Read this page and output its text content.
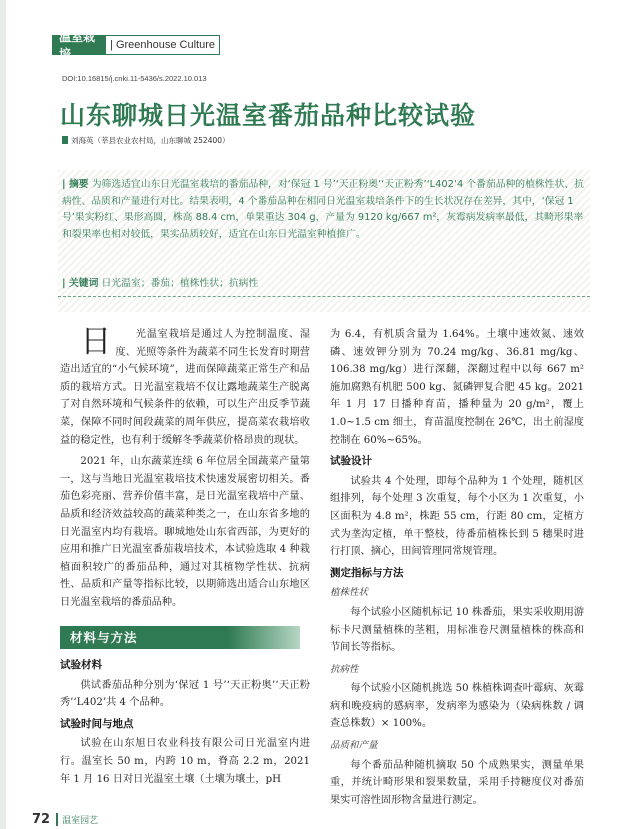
温室栽培
| Greenhouse Culture
DOI:10.16815/j.cnki.11-5436/s.2022.10.013
山东聊城日光温室番茄品种比较试验
刘海英（莘县农业农村局，山东聊城 252400）
| 摘要 为筛选适宜山东日光温室栽培的番茄品种，对‘保冠 1 号’‘天正粉奥’‘天正粉秀’‘L402’4 个番茄品种的植株性状、抗病性、品质和产量进行对比。结果表明，4 个番茄品种在相同日光温室栽培条件下的生长状况存在差异，其中，‘保冠 1 号’果实粉红、果形高圆，株高 88.4 cm，单果重达 304 g，产量为 9120 kg/667 m²，灰霉病发病率最低，其畸形果率和裂果率也相对较低，果实品质较好，适宜在山东日光温室种植推广。
| 关键词 日光温室；番茄；植株性状；抗病性

日 光温室栽培是通过人为控制温度、湿度、光照等条件为蔬菜不同生长发育时期营造出适宜的“小气候环境”，进而保障蔬菜正常生产和品质的栽培方式。日光温室栽培不仅让露地蔬菜生产脱离了对自然环境和气候条件的依赖，可以生产出反季节蔬菜，保障不同时间段蔬菜的周年供应，提高菜农栽培收益的稳定性，也有利于缓解冬季蔬菜价格昂贵的现状。

2021 年，山东蔬菜连续 6 年位居全国蔬菜产量第一，这与当地日光温室栽培技术快速发展密切相关。番茄色彩亮丽、营养价值丰富，是日光温室栽培中产量、品质和经济效益较高的蔬菜种类之一，在山东省多地的日光温室内均有栽培。聊城地处山东省西部，为更好的应用和推广日光温室番茄栽培技术，本试验选取 4 种栽植面积较广的番茄品种，通过对其植物学性状、抗病性、品质和产量等指标比较，以期筛选出适合山东地区日光温室栽培的番茄品种。

材料与方法
试验材料

供试番茄品种分别为‘保冠 1 号’‘天正粉奥’‘天正粉秀’‘L402’共 4 个品种。

试验时间与地点

试验在山东旭日农业科技有限公司日光温室内进行。温室长 50 m，内跨 10 m，脊高 2.2 m，2021 年 1 月 16 日对日光温室土壤（土壤为壤土，pH

为 6.4，有机质含量为 1.64%。土壤中速效氮、速效磷、速效钾分别为 70.24 mg/kg、36.81 mg/kg、106.38 mg/kg）进行深翻，深翻过程中以每 667 m² 施加腐熟有机肥 500 kg、氮磷钾复合肥 45 kg。2021 年 1 月 17 日播种育苗，播种量为 20 g/m²，覆上 1.0~1.5 cm 细土，育苗温度控制在 26℃，出土前湿度控制在 60%~65%。

试验设计

试验共 4 个处理，即每个品种为 1 个处理，随机区组排列，每个处理 3 次重复，每个小区为 1 次重复，小区面积为 4.8 m²，株距 55 cm，行距 80 cm，定植方式为垄沟定植，单干整枝，待番茄植株长到 5 穗果时进行打顶、摘心，田间管理同常规管理。

测定指标与方法
植株性状

每个试验小区随机标记 10 株番茄，果实采收期用游标卡尺测量植株的茎粗，用标准卷尺测量植株的株高和节间长等指标。

抗病性

每个试验小区随机挑选 50 株植株调查叶霉病、灰霉病和晚疫病的感病率，发病率为感染为（染病株数 / 调查总株数）× 100%。

品质和产量

每个番茄品种随机摘取 50 个成熟果实，测量单果重，并统计畸形果和裂果数量，采用手持糖度仪对番茄果实可溶性固形物含量进行测定。

72	温室园艺
